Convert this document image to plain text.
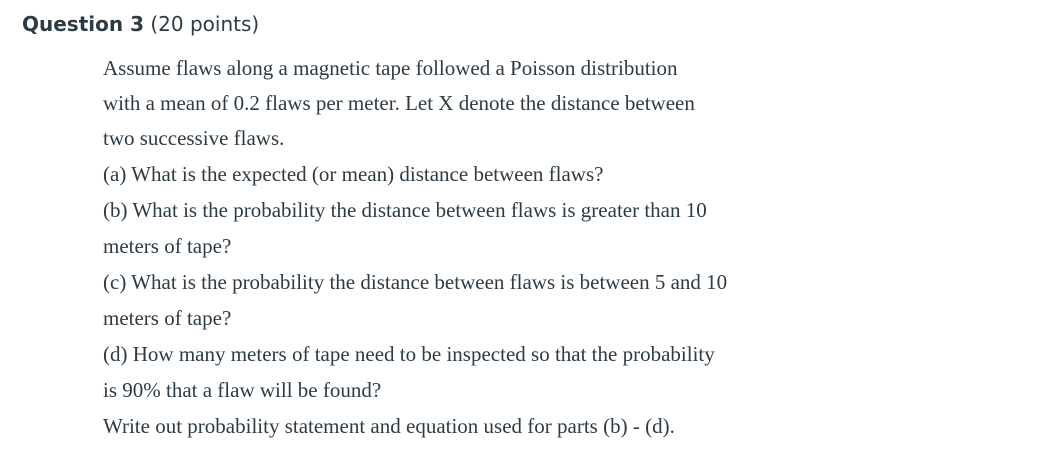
Question 3 (20 points)
Assume flaws along a magnetic tape followed a Poisson distribution
with a mean of 0.2 flaws per meter. Let X denote the distance between
two successive flaws.
(a) What is the expected (or mean) distance between flaws?
(b) What is the probability the distance between flaws is greater than 10
meters of tape?
(c) What is the probability the distance between flaws is between 5 and 10
meters of tape?
(d) How many meters of tape need to be inspected so that the probability
is 90% that a flaw will be found?
Write out probability statement and equation used for parts (b) - (d).
